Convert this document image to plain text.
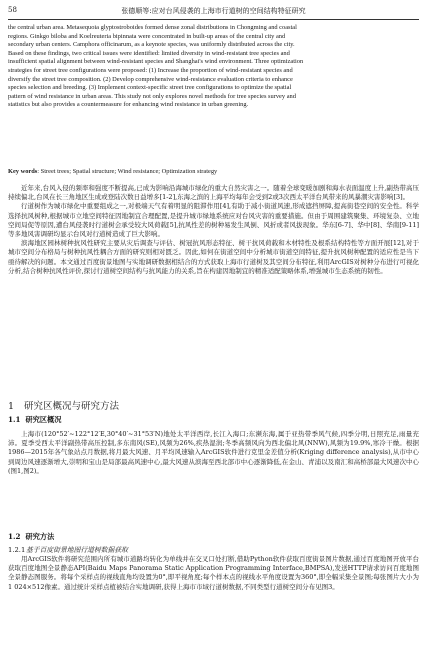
58	张德顺等:应对台风侵袭的上海市行道树的空间结构特征研究
the central urban area. Metasequoia glyptostroboides formed dense zonal distributions in Chongming and coastal
regions. Ginkgo biloba and Koelreuteria bipinnata were concentrated in built-up areas of the central city and
secondary urban centers. Camphora officinarum, as a keynote species, was uniformly distributed across the city.
Based on these findings, two critical issues were identified: limited diversity in wind-resistant tree species and
insufficient spatial alignment between wind-resistant species and Shanghai's wind environment. Three optimization
strategies for street tree configurations were proposed: (1) Increase the proportion of wind-resistant species and
diversify the street tree composition. (2) Develop comprehensive wind-resistance evaluation criteria to enhance
species selection and breeding. (3) Implement context-specific street tree configurations to optimize the spatial
pattern of wind resistance in urban areas. This study not only explores novel methods for tree species survey and
statistics but also provides a countermeasure for enhancing wind resistance in urban greening.
Key words: Street trees; Spatial structure; Wind resistance; Optimization strategy

近年来,台风入侵的频率和强度不断提高,已成为影响沿海城市绿化的重大自然灾害之一。随着全球变暖加剧和海水表面温度上升,副热带高压持续偏北,台风在长三角地区生成或登陆次数日益增多[1-2],东海之滨的上海平均每年会受到2或3次西太平洋台风带来的风暴潮灾害影响[3]。

行道树作为城市绿化中重要组成之一,对极端天气有着明显的阻滞作用[4],有助于减小街道风速,形成遮挡屏障,提高街巷空间的安全性。科学选择抗风树种,根据城市立地空间特征因地制宜合理配置,是提升城市绿地系统应对台风灾害的重要措施。但由于周围建筑聚集、环境复杂、立地空间局促等原因,遭台风侵袭时行道树会承受较大风荷载[5],抗风性差的树种易发生风倒、风折或者风拔现象。华东[6-7]、华中[8]、华南[9-11]等多地风害调研均显示台风对行道树造成了巨大影响。

滨海地区园林树种抗风性研究主要从灾后调查与评估、树冠抗风形态特征、树干抗风荷载和木材特性及根系结构特性等方面开展[12],对于城市空间分布格局与树种抗风性耦合方面的研究则相对匮乏。因此,如何在街道空间中分析城市街道空间特征,提升抗风树种配置的适应性是当下亟待解决的问题。本文通过百度街景地图与实地调研数据相结合的方式获取上海市行道树及其空间分布特征,利用ArcGIS对树种分布进行可视化分析,结合树种抗风性评价,探讨行道树空间结构与抗风能力的关系,旨在构建因地制宜的精准适配策略体系,增强城市生态系统的韧性。

1 研究区概况与研究方法
1.1 研究区概况

上海市(120°52′~122°12′E,30°40′~31°53′N)地处太平洋西岸,长江入海口;东濒东海,属于亚热带季风气候,四季分明,日照充足,雨量充沛。夏季受西太平洋副热带高压控制,多东南风(SE),风频为26%,疾热湿润;冬季高频风向为西北偏北风(NNW),风频为19.9%,寒冷干燥。根据1986—2015年各气象站点月数据,将月最大风速、月平均风速输入ArcGIS软件进行克里金差值分析(Kriging difference analysis),从市中心到周边风速逐渐增大,崇明和宝山是局部最高风速中心,最大风速从滨海至西北部市中心逐渐降低,在金山、青浦以及南汇和高桥部最大风速次中心(图1,图2)。

1.2 研究方法
1.2.1基于百度街景地图行道树数据获取

用ArcGIS软件将研究范围内所有城市道路均转化为单线并在交叉口处打断,借助Python软件获取百度街景图片数据,通过百度地图开放平台获取百度地图全景静态API(Baidu Maps Panorama Static Application Programming Interface,BMPSA),发送HTTP请求访问百度地图全景静态图服务。将每个采样点的视线直角均设置为0°,即平视角度;每个样本点的视线水平角度设置为360°,即全幅采集全景图;每张图片大小为1 024×512像素。通过统计采样点植被结合实地调研,获得上海市市域行道树数据,不同类型行道树空间分布见图3。
